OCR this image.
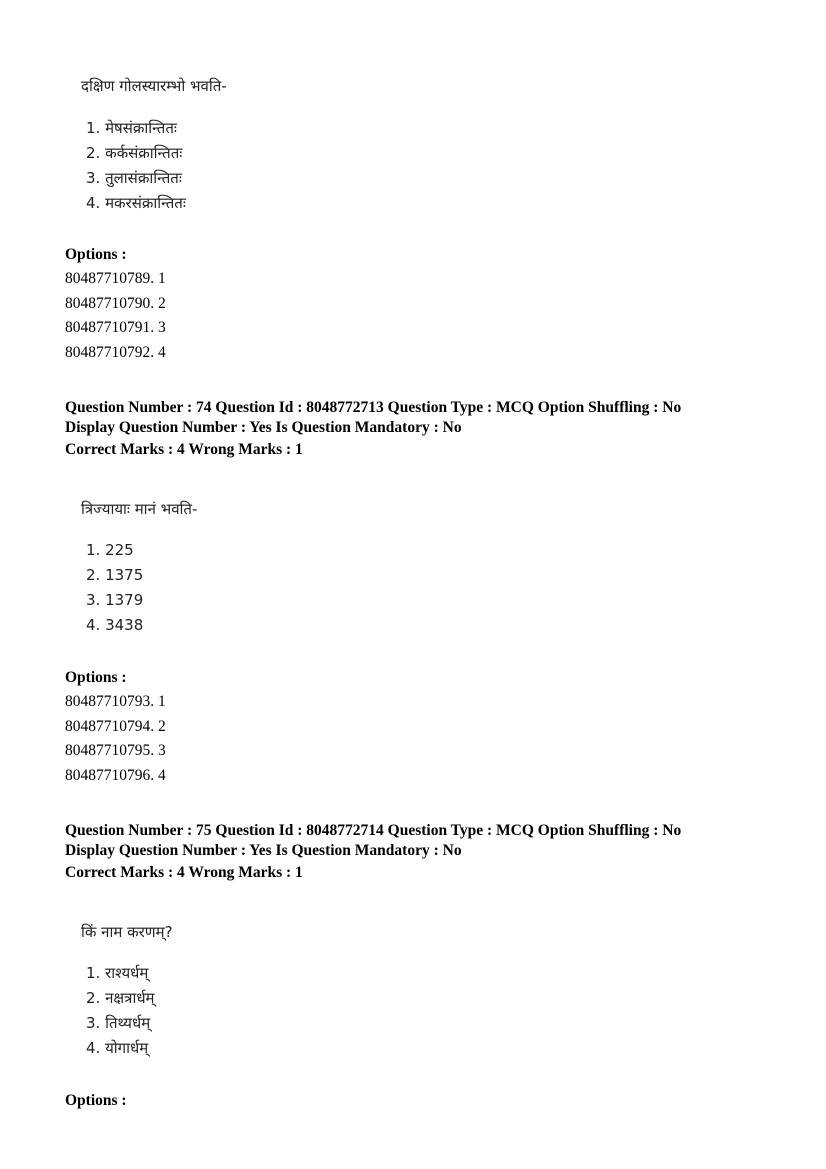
दक्षिण गोलस्यारम्भो भवति-
1. मेषसंक्रान्तितः
2. कर्कसंक्रान्तितः
3. तुलासंक्रान्तितः
4. मकरसंक्रान्तितः
Options :
80487710789. 1
80487710790. 2
80487710791. 3
80487710792. 4
Question Number : 74 Question Id : 8048772713 Question Type : MCQ Option Shuffling : No
Display Question Number : Yes Is Question Mandatory : No
Correct Marks : 4 Wrong Marks : 1
त्रिज्यायाः मानं भवति-
1. 225
2. 1375
3. 1379
4. 3438
Options :
80487710793. 1
80487710794. 2
80487710795. 3
80487710796. 4
Question Number : 75 Question Id : 8048772714 Question Type : MCQ Option Shuffling : No
Display Question Number : Yes Is Question Mandatory : No
Correct Marks : 4 Wrong Marks : 1
किं नाम करणम्?
1. राश्यर्धम्
2. नक्षत्रार्धम्
3. तिथ्यर्धम्
4. योगार्धम्
Options :
